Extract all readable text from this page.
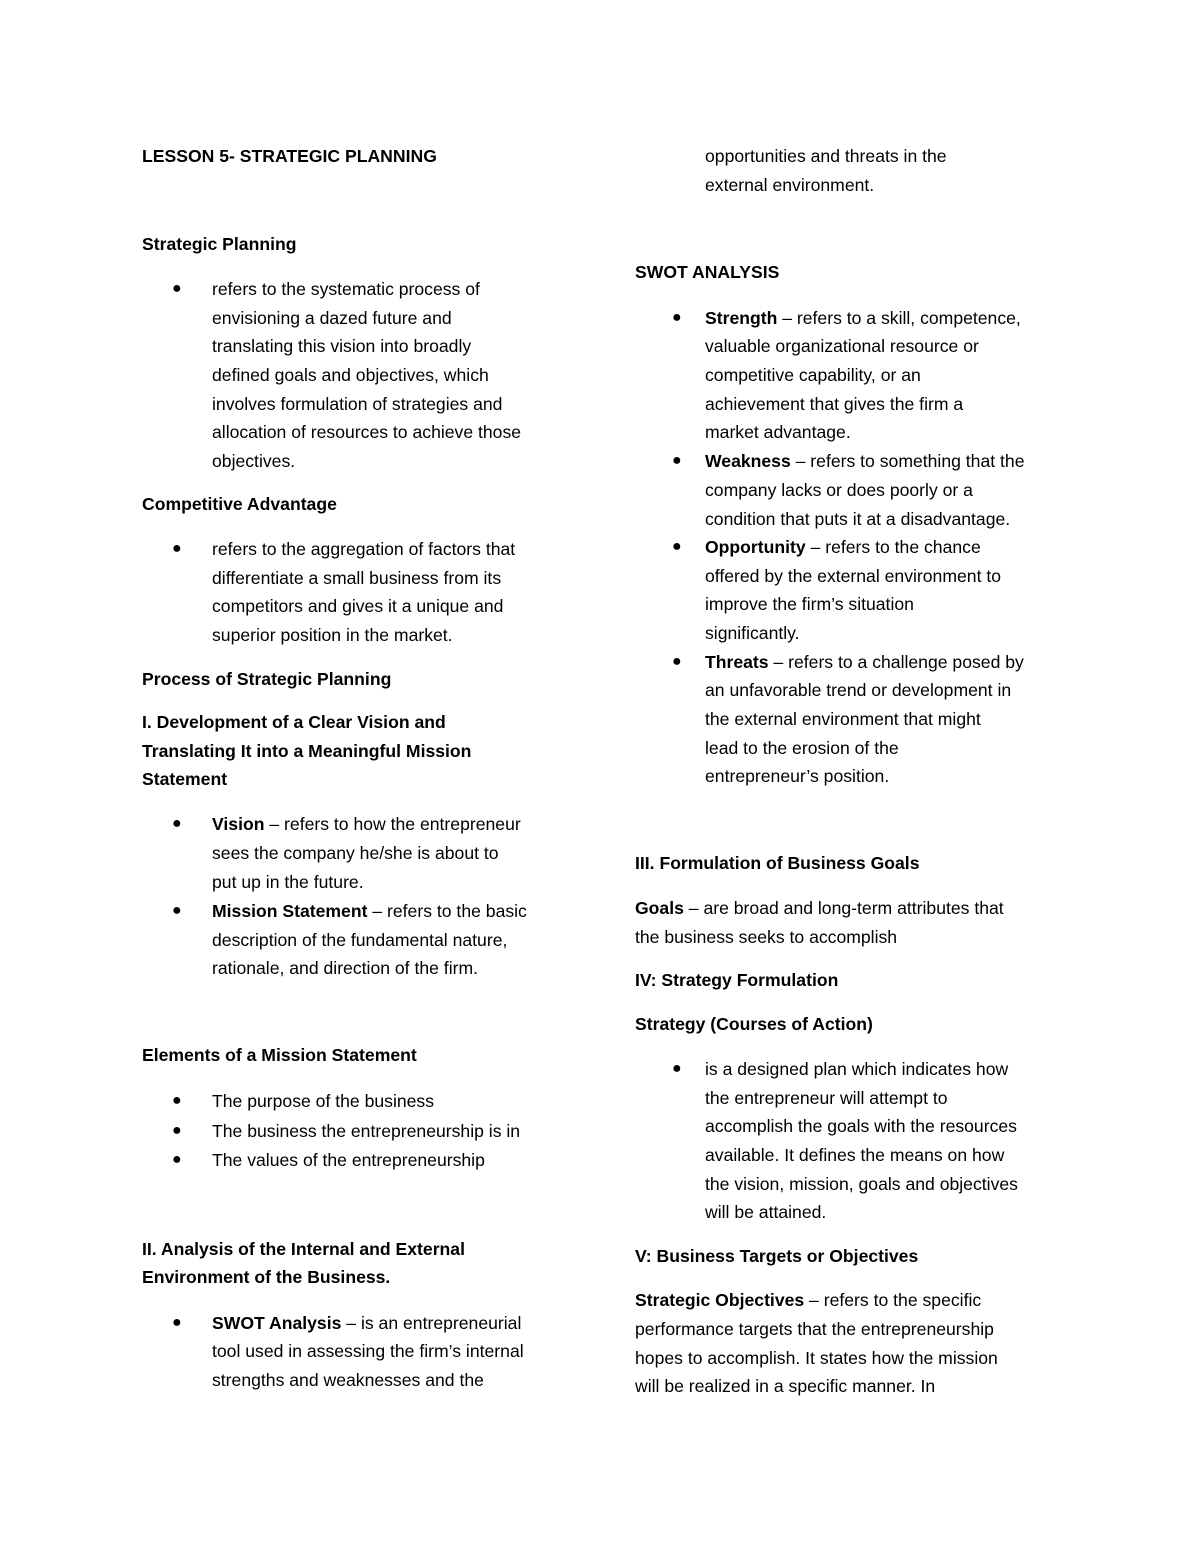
LESSON 5- STRATEGIC PLANNING
Strategic Planning
● refers to the systematic process of
envisioning a dazed future and
translating this vision into broadly
defined goals and objectives, which
involves formulation of strategies and
allocation of resources to achieve those
objectives.
Competitive Advantage
● refers to the aggregation of factors that
differentiate a small business from its
competitors and gives it a unique and
superior position in the market.
Process of Strategic Planning
I. Development of a Clear Vision and
Translating It into a Meaningful Mission
Statement
● Vision – refers to how the entrepreneur
sees the company he/she is about to
put up in the future.
● Mission Statement – refers to the basic
description of the fundamental nature,
rationale, and direction of the firm.
Elements of a Mission Statement
● The purpose of the business
● The business the entrepreneurship is in
● The values of the entrepreneurship
II. Analysis of the Internal and External
Environment of the Business.
● SWOT Analysis – is an entrepreneurial
tool used in assessing the firm’s internal
strengths and weaknesses and the
opportunities and threats in the
external environment.
SWOT ANALYSIS
● Strength – refers to a skill, competence,
valuable organizational resource or
competitive capability, or an
achievement that gives the firm a
market advantage.
● Weakness – refers to something that the
company lacks or does poorly or a
condition that puts it at a disadvantage.
● Opportunity – refers to the chance
offered by the external environment to
improve the firm’s situation
significantly.
● Threats – refers to a challenge posed by
an unfavorable trend or development in
the external environment that might
lead to the erosion of the
entrepreneur’s position.
III. Formulation of Business Goals
Goals – are broad and long-term attributes that
the business seeks to accomplish
IV: Strategy Formulation
Strategy (Courses of Action)
● is a designed plan which indicates how
the entrepreneur will attempt to
accomplish the goals with the resources
available. It defines the means on how
the vision, mission, goals and objectives
will be attained.
V: Business Targets or Objectives
Strategic Objectives – refers to the specific
performance targets that the entrepreneurship
hopes to accomplish. It states how the mission
will be realized in a specific manner. In
